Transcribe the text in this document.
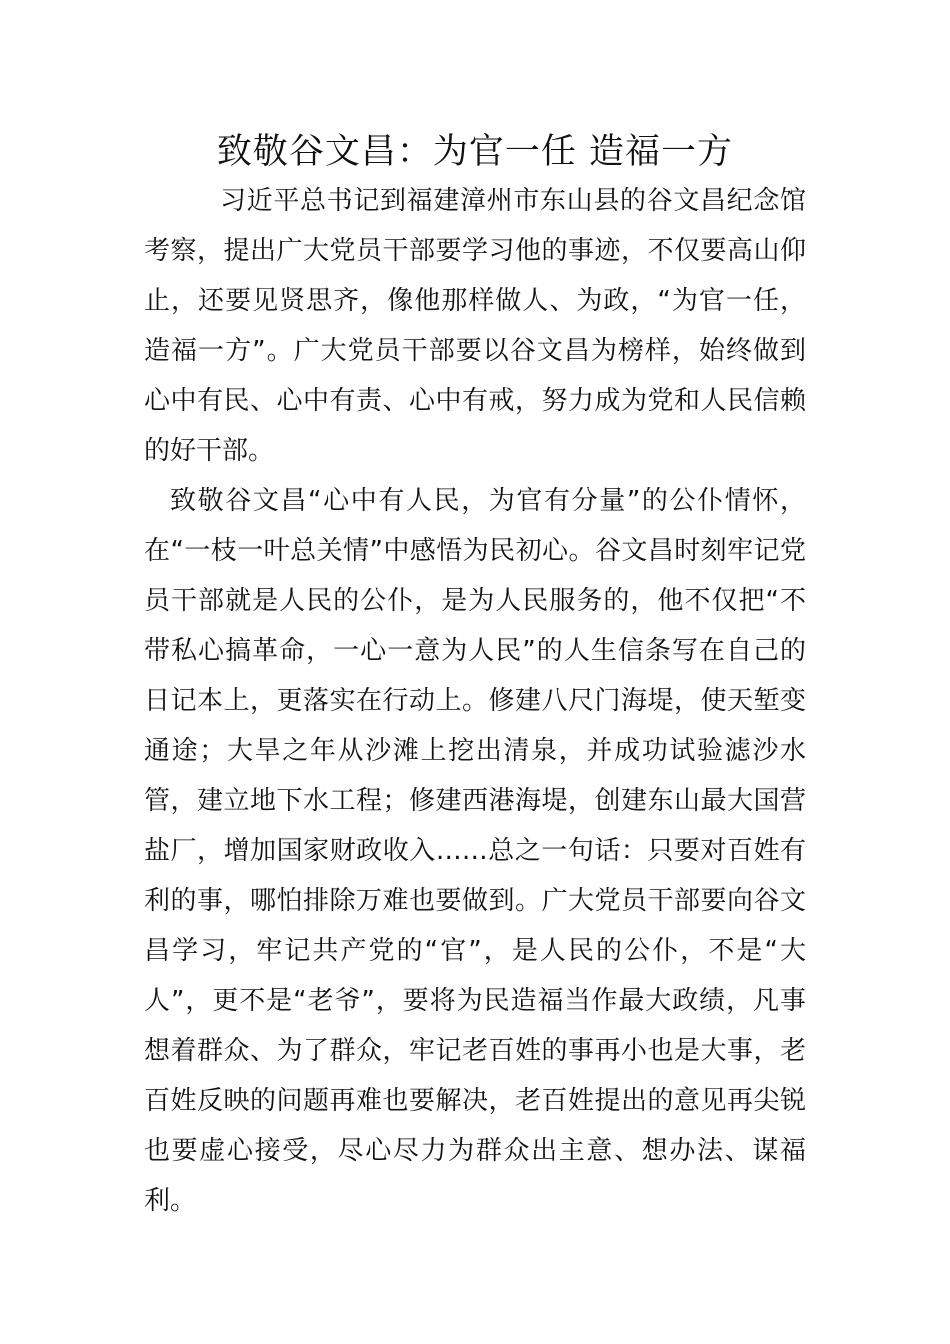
致敬谷文昌：为官一任 造福一方

习近平总书记到福建漳州市东山县的谷文昌纪念馆考察，提出广大党员干部要学习他的事迹，不仅要高山仰止，还要见贤思齐，像他那样做人、为政，“为官一任，造福一方”。广大党员干部要以谷文昌为榜样，始终做到心中有民、心中有责、心中有戒，努力成为党和人民信赖的好干部。

致敬谷文昌“心中有人民，为官有分量”的公仆情怀，在“一枝一叶总关情”中感悟为民初心。谷文昌时刻牢记党员干部就是人民的公仆，是为人民服务的，他不仅把“不带私心搞革命，一心一意为人民”的人生信条写在自己的日记本上，更落实在行动上。修建八尺门海堤，使天堑变通途；大旱之年从沙滩上挖出清泉，并成功试验滤沙水管，建立地下水工程；修建西港海堤，创建东山最大国营盐厂，增加国家财政收入……总之一句话：只要对百姓有利的事，哪怕排除万难也要做到。广大党员干部要向谷文昌学习，牢记共产党的“官”，是人民的公仆，不是“大人”，更不是“老爷”，要将为民造福当作最大政绩，凡事想着群众、为了群众，牢记老百姓的事再小也是大事，老百姓反映的问题再难也要解决，老百姓提出的意见再尖锐也要虚心接受，尽心尽力为群众出主意、想办法、谋福利。
